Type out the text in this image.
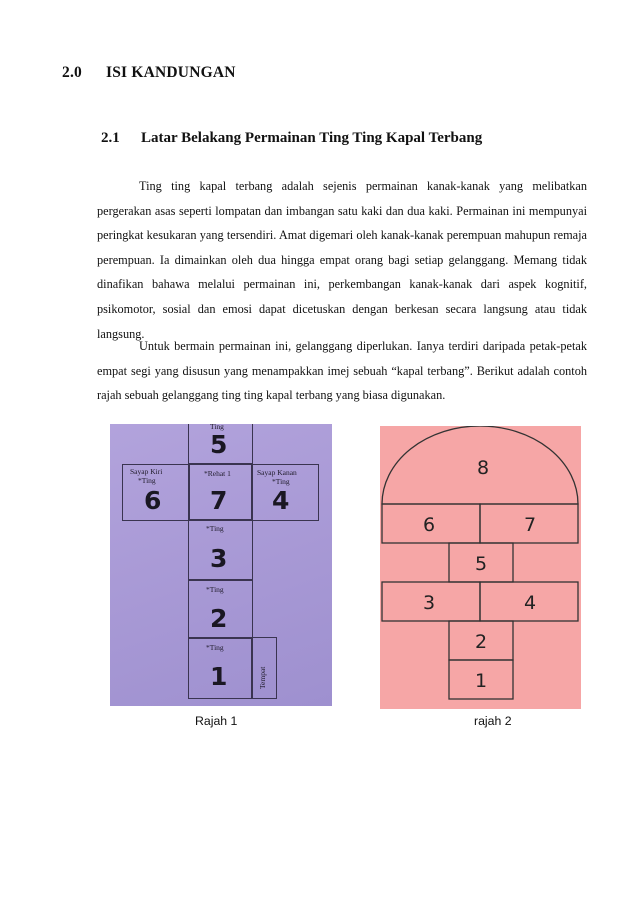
2.0 ISI KANDUNGAN
2.1 Latar Belakang Permainan Ting Ting Kapal Terbang

Ting ting kapal terbang adalah sejenis permainan kanak-kanak yang melibatkan pergerakan asas seperti lompatan dan imbangan satu kaki dan dua kaki. Permainan ini mempunyai peringkat kesukaran yang tersendiri. Amat digemari oleh kanak-kanak perempuan mahupun remaja perempuan. Ia dimainkan oleh dua hingga empat orang bagi setiap gelanggang. Memang tidak dinafikan bahawa melalui permainan ini, perkembangan kanak-kanak dari aspek kognitif, psikomotor, sosial dan emosi dapat dicetuskan dengan berkesan secara langsung atau tidak langsung.

Untuk bermain permainan ini, gelanggang diperlukan. Ianya terdiri daripada petak-petak empat segi yang disusun yang menampakkan imej sebuah “kapal terbang”. Berikut adalah contoh rajah sebuah gelanggang ting ting kapal terbang yang biasa digunakan.

Ting
5
Sayap Kiri
*Ting
6
*Rehat 1
7
Sayap Kanan
*Ting
4
*Ting
3
*Ting
2
*Ting
1	Tempat
8
6	7
5
3	4
2
1
Rajah 1	rajah 2
